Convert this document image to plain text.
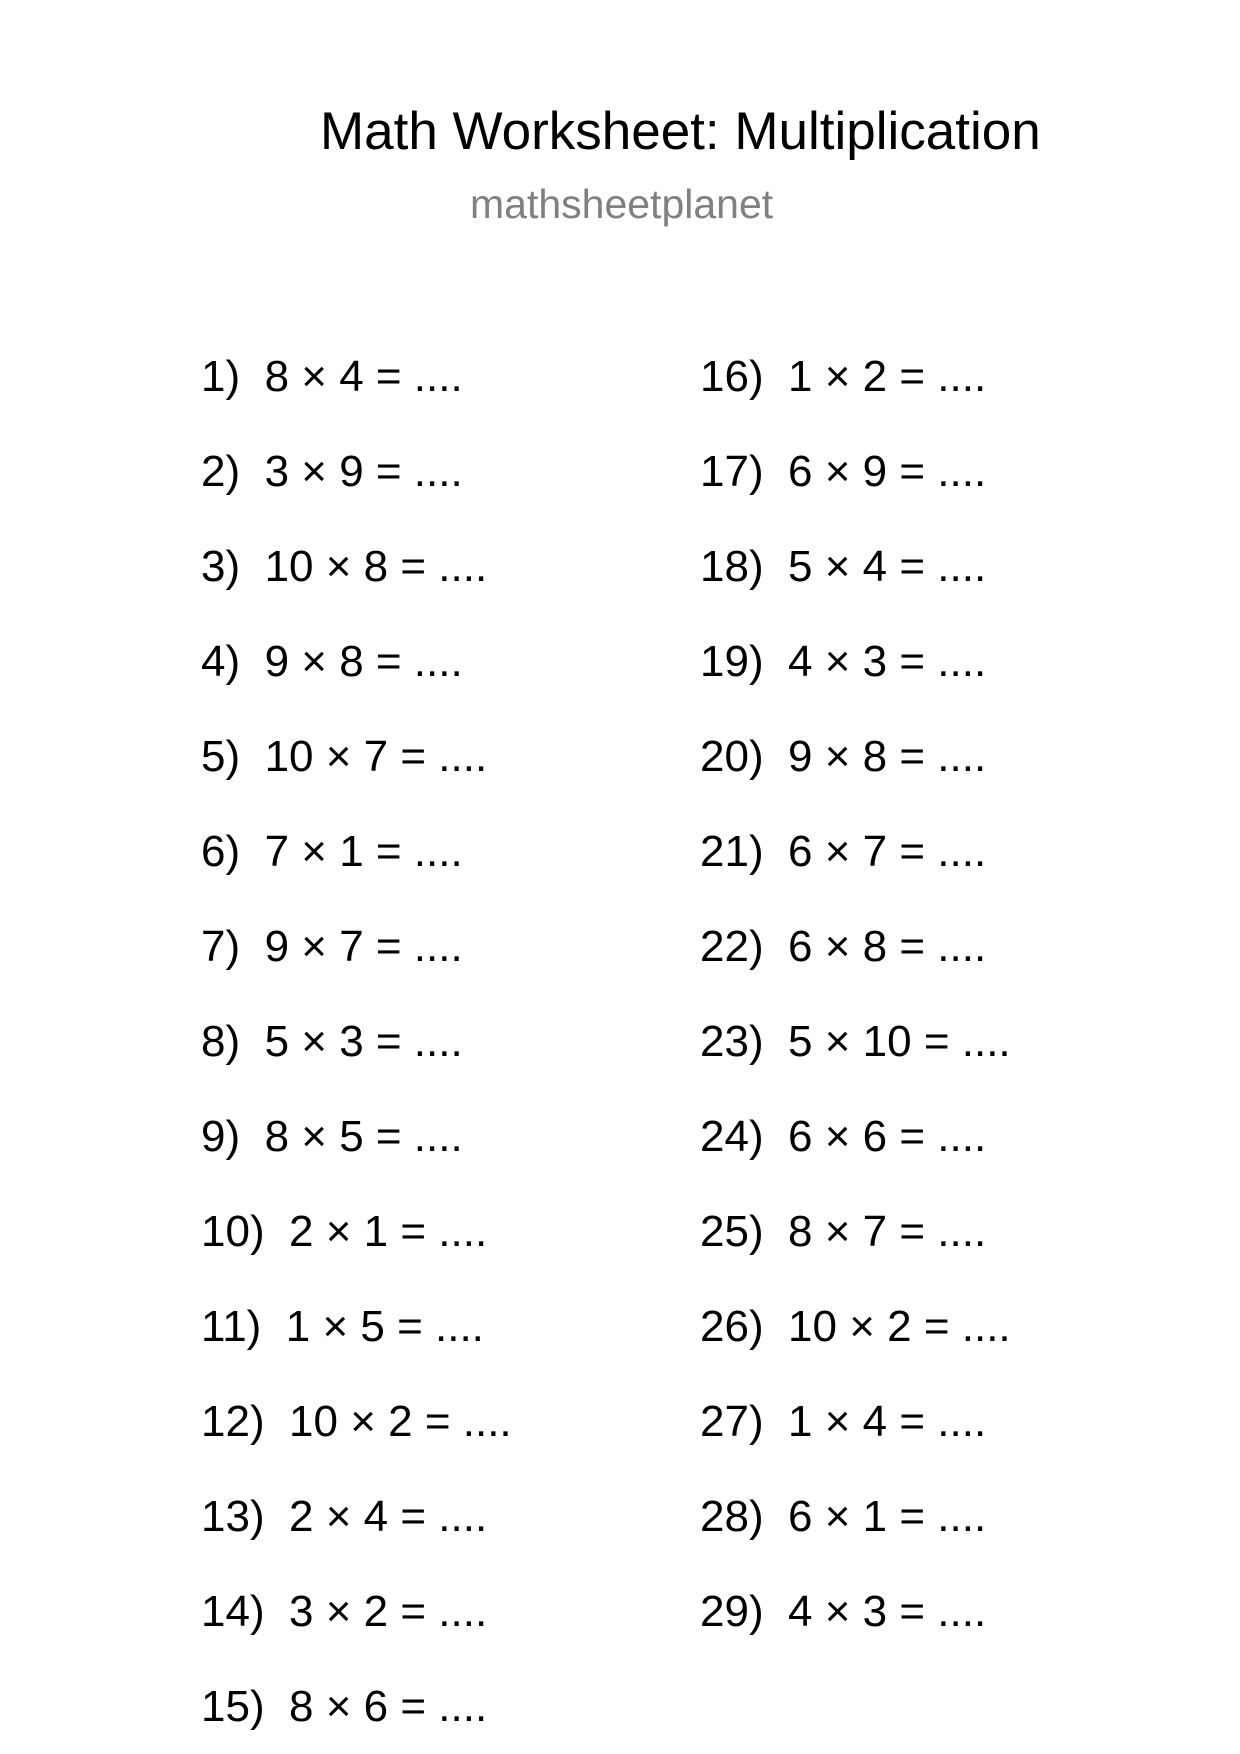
Math Worksheet: Multiplication
mathsheetplanet
1) 8 × 4 = ....
2) 3 × 9 = ....
3) 10 × 8 = ....
4) 9 × 8 = ....
5) 10 × 7 = ....
6) 7 × 1 = ....
7) 9 × 7 = ....
8) 5 × 3 = ....
9) 8 × 5 = ....
10) 2 × 1 = ....
11) 1 × 5 = ....
12) 10 × 2 = ....
13) 2 × 4 = ....
14) 3 × 2 = ....
15) 8 × 6 = ....
16) 1 × 2 = ....
17) 6 × 9 = ....
18) 5 × 4 = ....
19) 4 × 3 = ....
20) 9 × 8 = ....
21) 6 × 7 = ....
22) 6 × 8 = ....
23) 5 × 10 = ....
24) 6 × 6 = ....
25) 8 × 7 = ....
26) 10 × 2 = ....
27) 1 × 4 = ....
28) 6 × 1 = ....
29) 4 × 3 = ....
